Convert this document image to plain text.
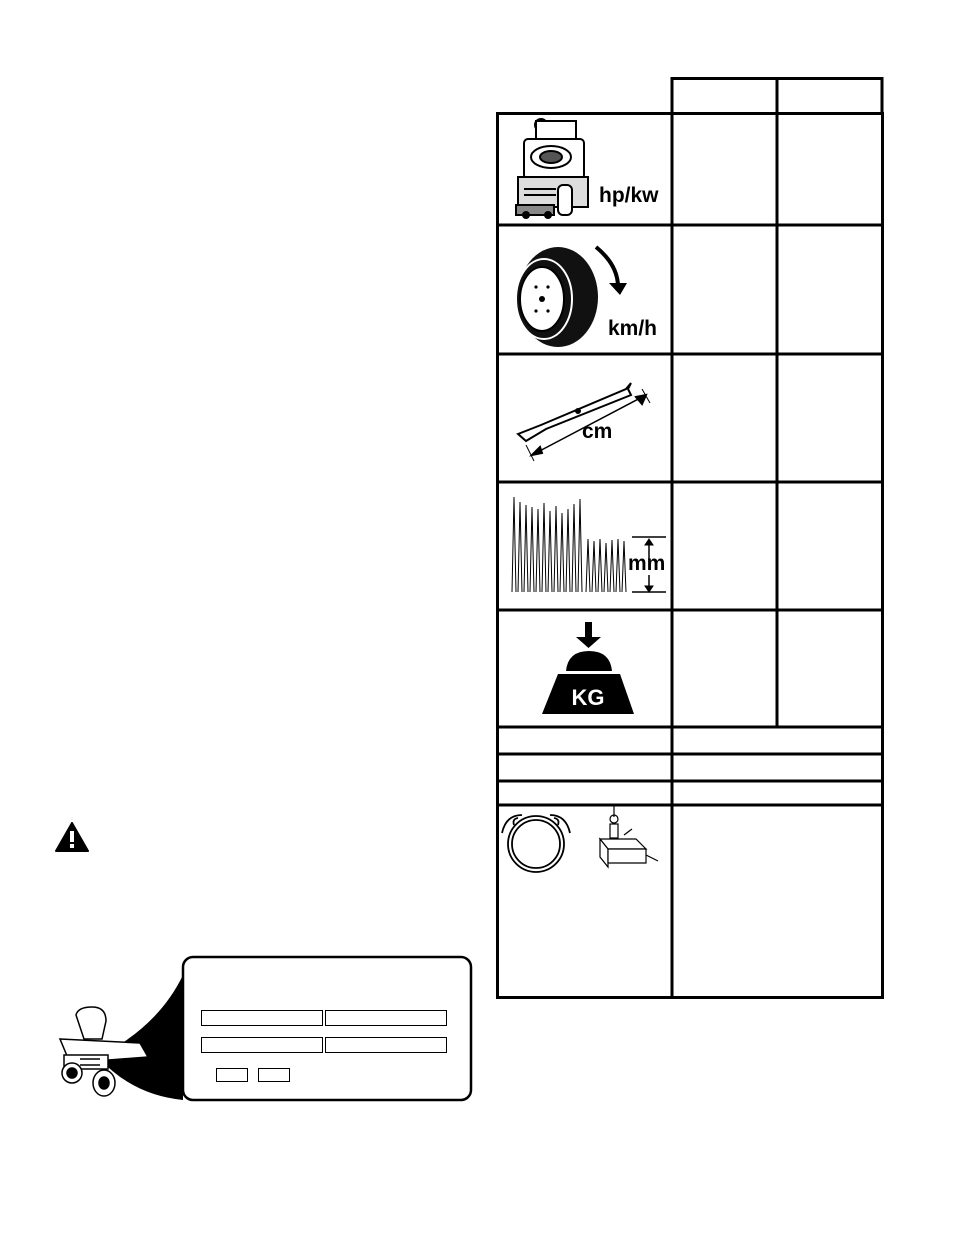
KG
hp/kw
km/h
cm
mm
